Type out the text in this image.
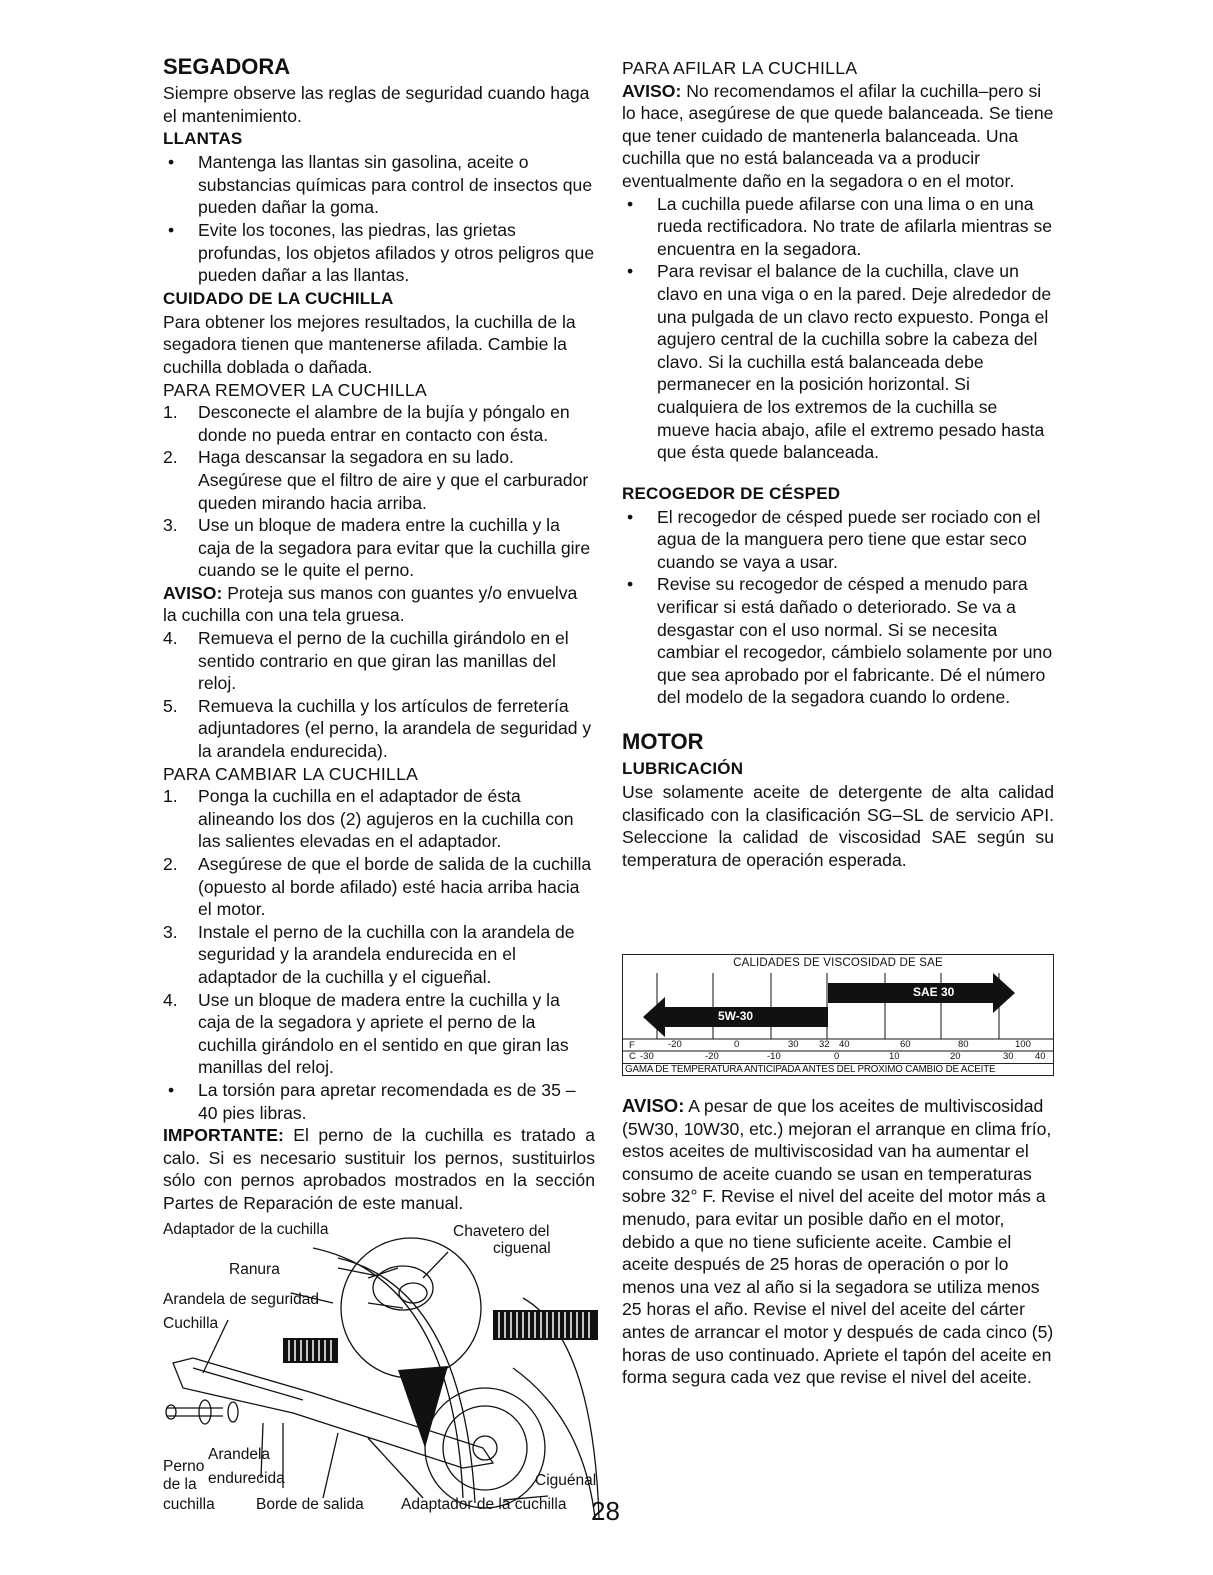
SEGADORA

Siempre observe las reglas de seguridad cuando haga el mantenimiento.

LLANTAS
• Mantenga las llantas sin gasolina, aceite o substancias químicas para control de insectos que pueden dañar la goma.
• Evite los tocones, las piedras, las grietas profundas, los objetos afilados y otros peligros que pueden dañar a las llantas.
CUIDADO DE LA CUCHILLA

Para obtener los mejores resultados, la cuchilla de la segadora tienen que mantenerse afilada. Cambie la cuchilla doblada o dañada.

PARA REMOVER LA CUCHILLA

1. Desconecte el alambre de la bujía y póngalo en donde no pueda entrar en contacto con ésta.
2. Haga descansar la segadora en su lado. Asegúrese que el filtro de aire y que el carburador queden mirando hacia arriba.
3. Use un bloque de madera entre la cuchilla y la caja de la segadora para evitar que la cuchilla gire cuando se le quite el perno.

AVISO: Proteja sus manos con guantes y/o envuelva la cuchilla con una tela gruesa.

4. Remueva el perno de la cuchilla girándolo en el sentido contrario en que giran las manillas del reloj.
5. Remueva la cuchilla y los artículos de ferretería adjuntadores (el perno, la arandela de seguridad y la arandela endurecida).

PARA CAMBIAR LA CUCHILLA

1. Ponga la cuchilla en el adaptador de ésta alineando los dos (2) agujeros en la cuchilla con las salientes elevadas en el adaptador.
2. Asegúrese de que el borde de salida de la cuchilla (opuesto al borde afilado) esté hacia arriba hacia el motor.
3. Instale el perno de la cuchilla con la arandela de seguridad y la arandela endurecida en el adaptador de la cuchilla y el cigueñal.
4. Use un bloque de madera entre la cuchilla y la caja de la segadora y apriete el perno de la cuchilla girándolo en el sentido en que giran las manillas del reloj.
• La torsión para apretar recomendada es de 35 – 40 pies libras.

IMPORTANTE: El perno de la cuchilla es tratado a calo. Si es necesario sustituir los pernos, sustituirlos sólo con pernos aprobados mostrados en la sección Partes de Reparación de este manual.

Adaptador de la cuchilla	Chavetero del
ciguenal
Ranura
Arandela de seguridad
Cuchilla
Perno
de la
cuchilla
Arandela
endurecida	Ciguénal
Borde de salida Adaptador de la cuchilla 28

PARA AFILAR LA CUCHILLA

AVISO: No recomendamos el afilar la cuchilla–pero si lo hace, asegúrese de que quede balanceada. Se tiene que tener cuidado de mantenerla balanceada. Una cuchilla que no está balanceada va a producir eventualmente daño en la segadora o en el motor.

• La cuchilla puede afilarse con una lima o en una rueda rectificadora. No trate de afilarla mientras se encuentra en la segadora.
• Para revisar el balance de la cuchilla, clave un clavo en una viga o en la pared. Deje alrededor de una pulgada de un clavo recto expuesto. Ponga el agujero central de la cuchilla sobre la cabeza del clavo. Si la cuchilla está balanceada debe permanecer en la posición horizontal. Si cualquiera de los extremos de la cuchilla se mueve hacia abajo, afile el extremo pesado hasta que ésta quede balanceada.
RECOGEDOR DE CÉSPED
• El recogedor de césped puede ser rociado con el agua de la manguera pero tiene que estar seco cuando se vaya a usar.
• Revise su recogedor de césped a menudo para verificar si está dañado o deteriorado. Se va a desgastar con el uso normal. Si se necesita cambiar el recogedor, cámbielo solamente por uno que sea aprobado por el fabricante. Dé el número del modelo de la segadora cuando lo ordene.
MOTOR
LUBRICACIÓN

Use solamente aceite de detergente de alta calidad clasificado con la clasificación SG–SL de servicio API. Seleccione la calidad de viscosidad SAE según su temperatura de operación esperada.

CALIDADES DE VISCOSIDAD DE SAE
SAE 30
5W-30
F	-20	0	30 32 40	60	80	100
C -30	-20	-10	0	10	20	30 40
GAMA DE TEMPERATURA ANTICIPADA ANTES DEL PROXIMO CAMBIO DE ACEITE

AVISO: A pesar de que los aceites de multiviscosidad (5W30, 10W30, etc.) mejoran el arranque en clima frío, estos aceites de multiviscosidad van ha aumentar el consumo de aceite cuando se usan en temperaturas sobre 32° F. Revise el nivel del aceite del motor más a menudo, para evitar un posible daño en el motor, debido a que no tiene suficiente aceite. Cambie el aceite después de 25 horas de operación o por lo menos una vez al año si la segadora se utiliza menos 25 horas el año. Revise el nivel del aceite del cárter antes de arrancar el motor y después de cada cinco (5) horas de uso continuado. Apriete el tapón del aceite en forma segura cada vez que revise el nivel del aceite.
